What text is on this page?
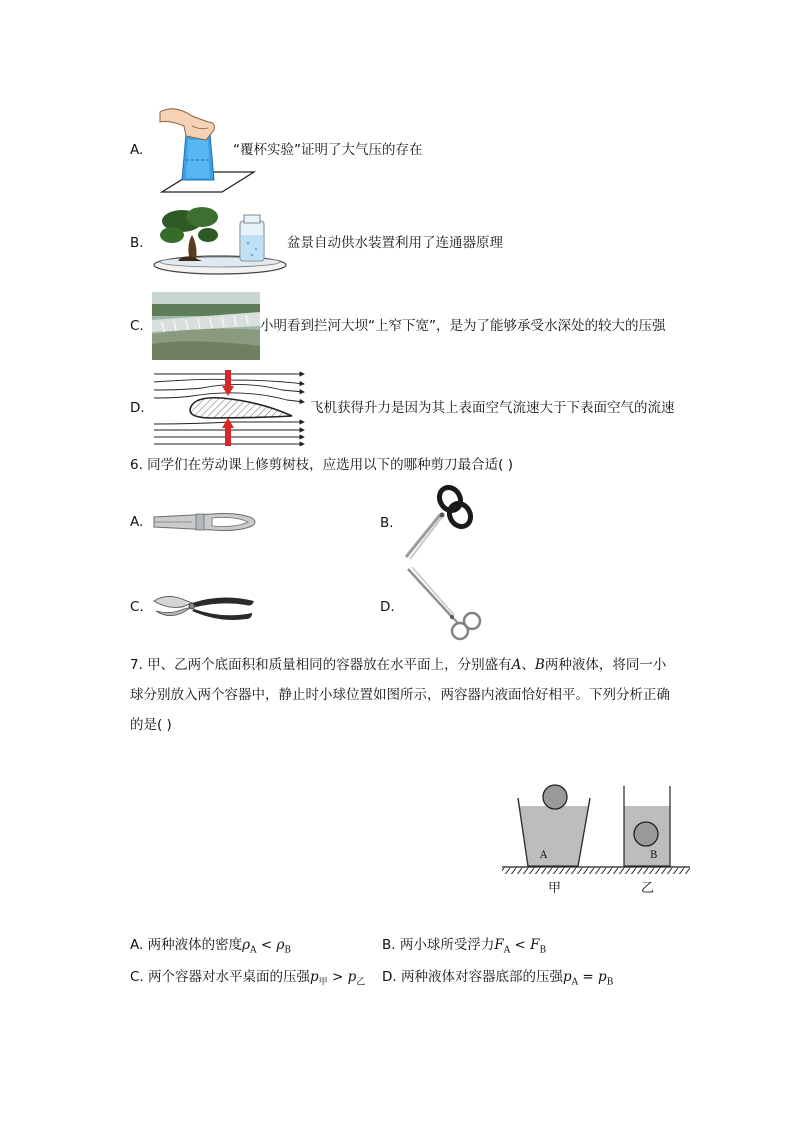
A.	“覆杯实验”证明了大气压的存在
B.	盆景自动供水装置利用了连通器原理
C.	小明看到拦河大坝“上窄下宽”，是为了能够承受水深处的较大的压强
D.	飞机获得升力是因为其上表面空气流速大于下表面空气的流速
6. 同学们在劳动课上修剪树枝，应选用以下的哪种剪刀最合适( )
A.	B.
C.	D.
7. 甲、乙两个底面积和质量相同的容器放在水平面上，分别盛有A、B两种液体，将同一小
球分别放入两个容器中，静止时小球位置如图所示，两容器内液面恰好相平。下列分析正确
的是( )
A	B
甲	乙
A. 两种液体的密度$\rho_A < \rho_B$	B. 两小球所受浮力$F_A < F_B$
C. 两个容器对水平桌面的压强$p_甲 > p_乙$ D. 两种液体对容器底部的压强$p_A = p_B$
